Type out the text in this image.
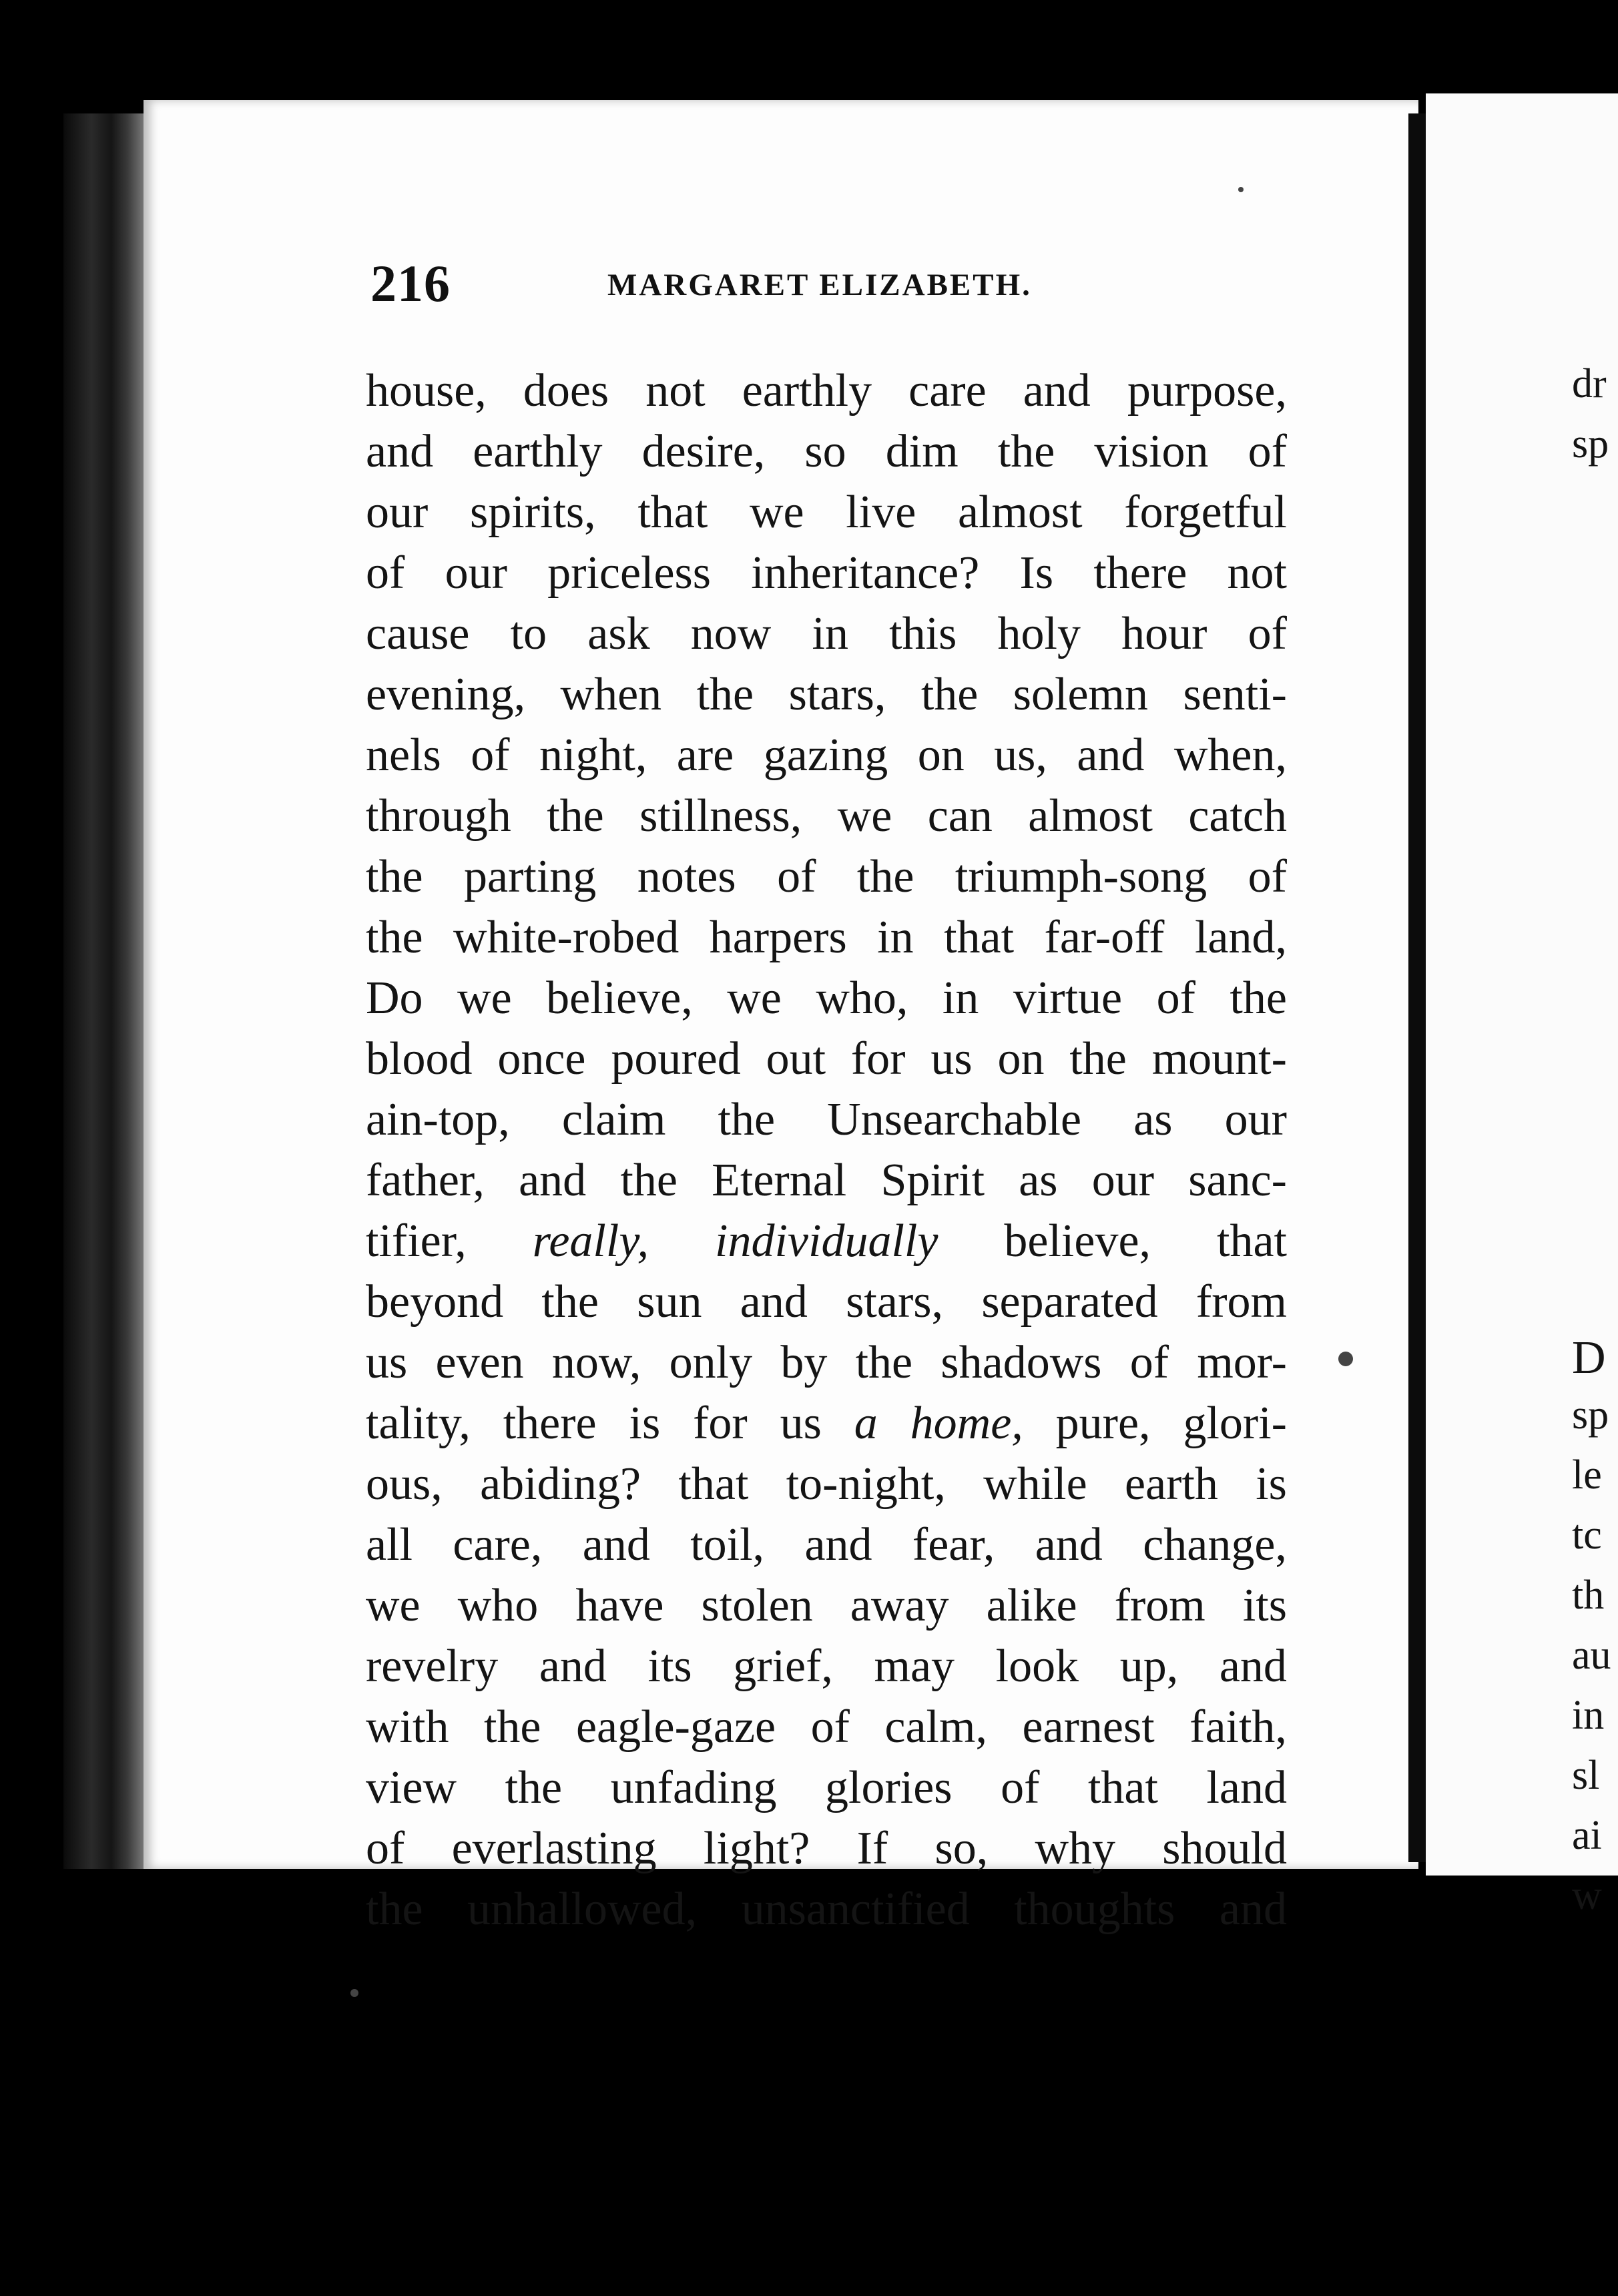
216	MARGARET ELIZABETH.
house, does not earthly care and purpose,
and earthly desire, so dim the vision of
our spirits, that we live almost forgetful
of our priceless inheritance? Is there not
cause to ask now in this holy hour of
evening, when the stars, the solemn senti-
nels of night, are gazing on us, and when,
through the stillness, we can almost catch
the parting notes of the triumph-song of
the white-robed harpers in that far-off land,
Do we believe, we who, in virtue of the
blood once poured out for us on the mount-
ain-top, claim the Unsearchable as our
father, and the Eternal Spirit as our sanc-
tifier, really, individually believe, that
beyond the sun and stars, separated from
us even now, only by the shadows of mor-
tality, there is for us a home, pure, glori-
ous, abiding? that to-night, while earth is
all care, and toil, and fear, and change,
we who have stolen away alike from its
revelry and its grief, may look up, and
with the eagle-gaze of calm, earnest faith,
view the unfading glories of that land
of everlasting light? If so, why should
the unhallowed, unsanctified thoughts and
dr
sp
D
sp
le
tc
th
au
in
sl
ai
w
